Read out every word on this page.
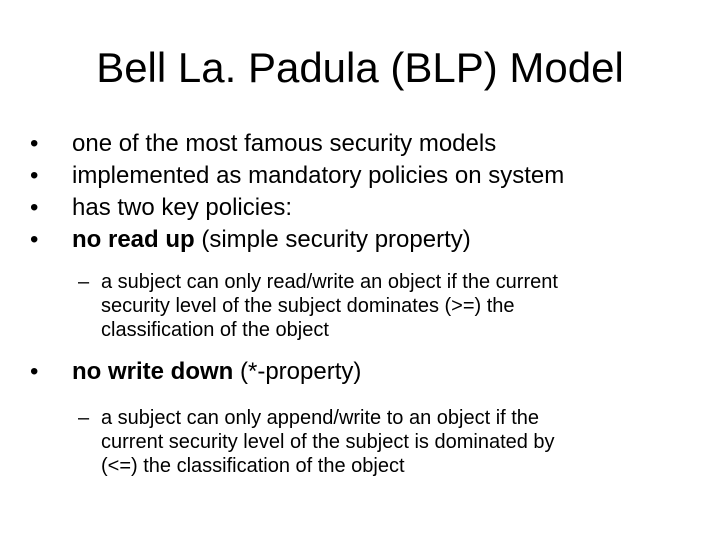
Bell La. Padula (BLP) Model
•	one of the most famous security models
•	implemented as mandatory policies on system
•	has two key policies:
•	no read up (simple security property)
– a subject can only read/write an object if the current
security level of the subject dominates (>=) the
classification of the object
•	no write down (*-property)
– a subject can only append/write to an object if the
current security level of the subject is dominated by
(<=) the classification of the object
